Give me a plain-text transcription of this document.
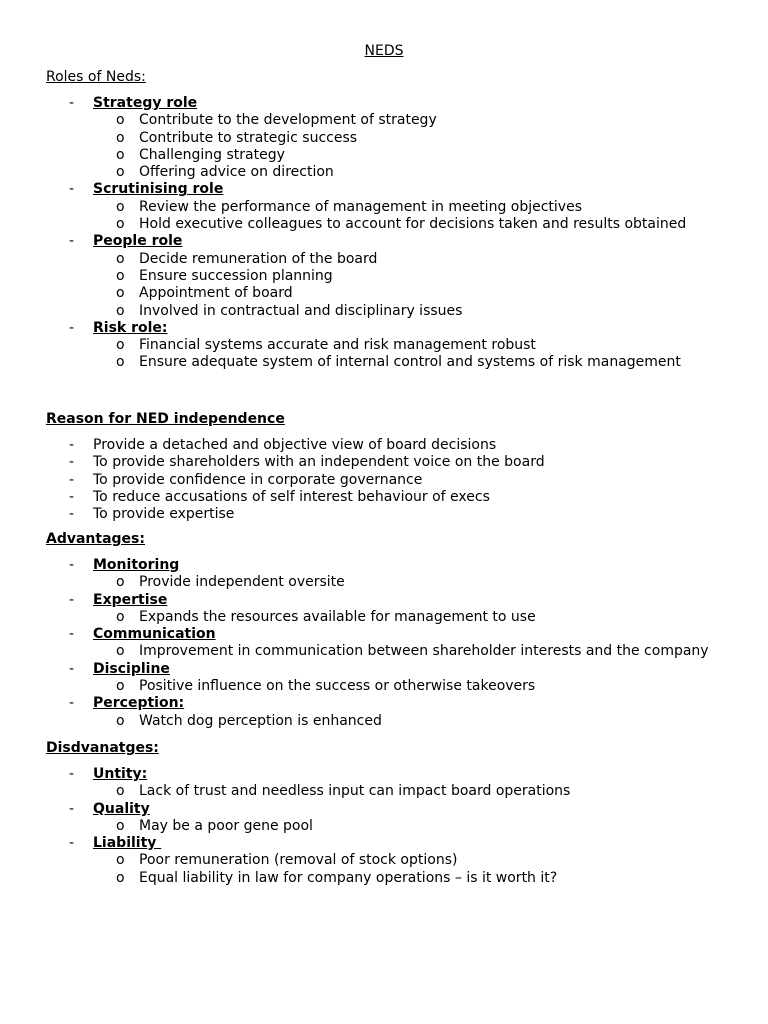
NEDS

Roles of Neds:

- Strategy role
o Contribute to the development of strategy
o Contribute to strategic success
o Challenging strategy
o Offering advice on direction
- Scrutinising role
o Review the performance of management in meeting objectives
o Hold executive colleagues to account for decisions taken and results obtained
- People role
o Decide remuneration of the board
o Ensure succession planning
o Appointment of board
o Involved in contractual and disciplinary issues
- Risk role:
o Financial systems accurate and risk management robust
o Ensure adequate system of internal control and systems of risk management
Reason for NED independence
- Provide a detached and objective view of board decisions
- To provide shareholders with an independent voice on the board
- To provide confidence in corporate governance
- To reduce accusations of self interest behaviour of execs
- To provide expertise
Advantages:
- Monitoring
o Provide independent oversite
- Expertise
o Expands the resources available for management to use
- Communication
o Improvement in communication between shareholder interests and the company
- Discipline
o Positive influence on the success or otherwise takeovers
- Perception:
o Watch dog perception is enhanced
Disdvanatges:
- Untity:
o Lack of trust and needless input can impact board operations
- Quality
o May be a poor gene pool
- Liability
o Poor remuneration (removal of stock options)
o Equal liability in law for company operations – is it worth it?
